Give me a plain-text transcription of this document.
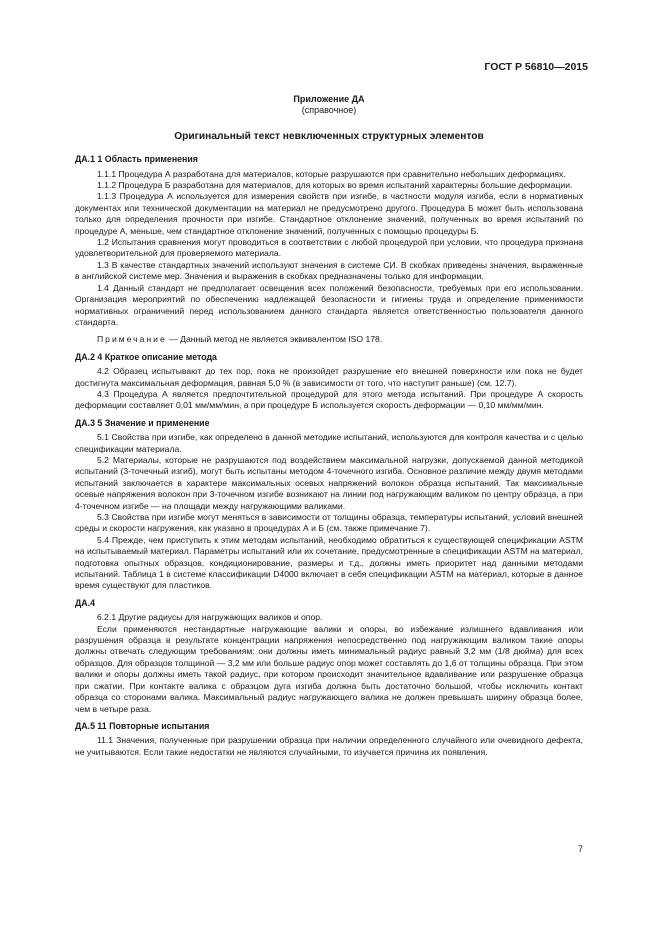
ГОСТ Р 56810—2015
Приложение ДА
(справочное)
Оригинальный текст невключенных структурных элементов
ДА.1 1 Область применения

1.1.1 Процедура А разработана для материалов, которые разрушаются при сравнительно небольших деформациях.

1.1.2 Процедура Б разработана для материалов, для которых во время испытаний характерны большие деформации.

1.1.3 Процедура А используется для измерения свойств при изгибе, в частности модуля изгиба, если в нормативных документах или технической документации на материал не предусмотрено другого. Процедура Б может быть использована только для определения прочности при изгибе. Стандартное отклонение значений, полученных во время испытаний по процедуре А, меньше, чем стандартное отклонение значений, полученных с помощью процедуры Б.

1.2 Испытания сравнения могут проводиться в соответствии с любой процедурой при условии, что процедура признана удовлетворительной для проверяемого материала.

1.3 В качестве стандартных значений используют значения в системе СИ. В скобках приведены значения, выраженные в английской системе мер. Значения и выражения в скобках предназначены только для информации.

1.4 Данный стандарт не предполагает освещения всех положений безопасности, требуемых при его использовании. Организация мероприятий по обеспечению надлежащей безопасности и гигиены труда и определение применимости нормативных ограничений перед использованием данного стандарта является ответственностью пользователя данного стандарта.

Примечание — Данный метод не является эквивалентом ISO 178.

ДА.2 4 Краткое описание метода

4.2 Образец испытывают до тех пор, пока не произойдет разрушение его внешней поверхности или пока не будет достигнута максимальная деформация, равная 5,0 % (в зависимости от того, что наступит раньше) (см. 12.7).

4.3 Процедура А является предпочтительной процедурой для этого метода испытаний. При процедуре А скорость деформации составляет 0,01 мм/мм/мин, а при процедуре Б используется скорость деформации — 0,10 мм/мм/мин.

ДА.3 5 Значение и применение

5.1 Свойства при изгибе, как определено в данной методике испытаний, используются для контроля качества и с целью спецификации материала.

5.2 Материалы, которые не разрушаются под воздействием максимальной нагрузки, допускаемой данной методикой испытаний (3-точечный изгиб), могут быть испытаны методом 4-точечного изгиба. Основное различие между двумя методами испытаний заключается в характере максимальных осевых напряжений волокон образца испытаний. Так максимальные осевые напряжения волокон при 3-точечном изгибе возникают на линии под нагружающим валиком по центру образца, а при 4-точечном изгибе — на площади между нагружающими валиками.

5.3 Свойства при изгибе могут меняться в зависимости от толщины образца, температуры испытаний, условий внешней среды и скорости нагружения, как указано в процедурах А и Б (см. также примечание 7).

5.4 Прежде, чем приступить к этим методам испытаний, необходимо обратиться к существующей спецификации ASTM на испытываемый материал. Параметры испытаний или их сочетание, предусмотренные в спецификации ASTM на материал, подготовка опытных образцов, кондиционирование, размеры и т.д., должны иметь приоритет над данными методами испытаний. Таблица 1 в системе классификации D4000 включает в себя спецификации ASTM на материал, которые в данное время существуют для пластиков.

ДА.4

6.2.1 Другие радиусы для нагружающих валиков и опор.

Если применяются нестандартные нагружающие валики и опоры, во избежание излишнего вдавливания или разрушения образца в результате концентрации напряжения непосредственно под нагружающим валиком такие опоры должны отвечать следующим требованиям: они должны иметь минимальный радиус равный 3,2 мм (1/8 дюйма) для всех образцов. Для образцов толщиной — 3,2 мм или больше радиус опор может составлять до 1,6 от толщины образца. При этом валики и опоры должны иметь такой радиус, при котором происходит значительное вдавливание или разрушение образца при сжатии. При контакте валика с образцом дуга изгиба должна быть достаточно большой, чтобы исключить контакт образца со сторонами валика. Максимальный радиус нагружающего валика не должен превышать ширину образца более, чем в четыре раза.

ДА.5 11 Повторные испытания

11.1 Значения, полученные при разрушении образца при наличии определенного случайного или очевидного дефекта, не учитываются. Если такие недостатки не являются случайными, то изучается причина их появления.

7
